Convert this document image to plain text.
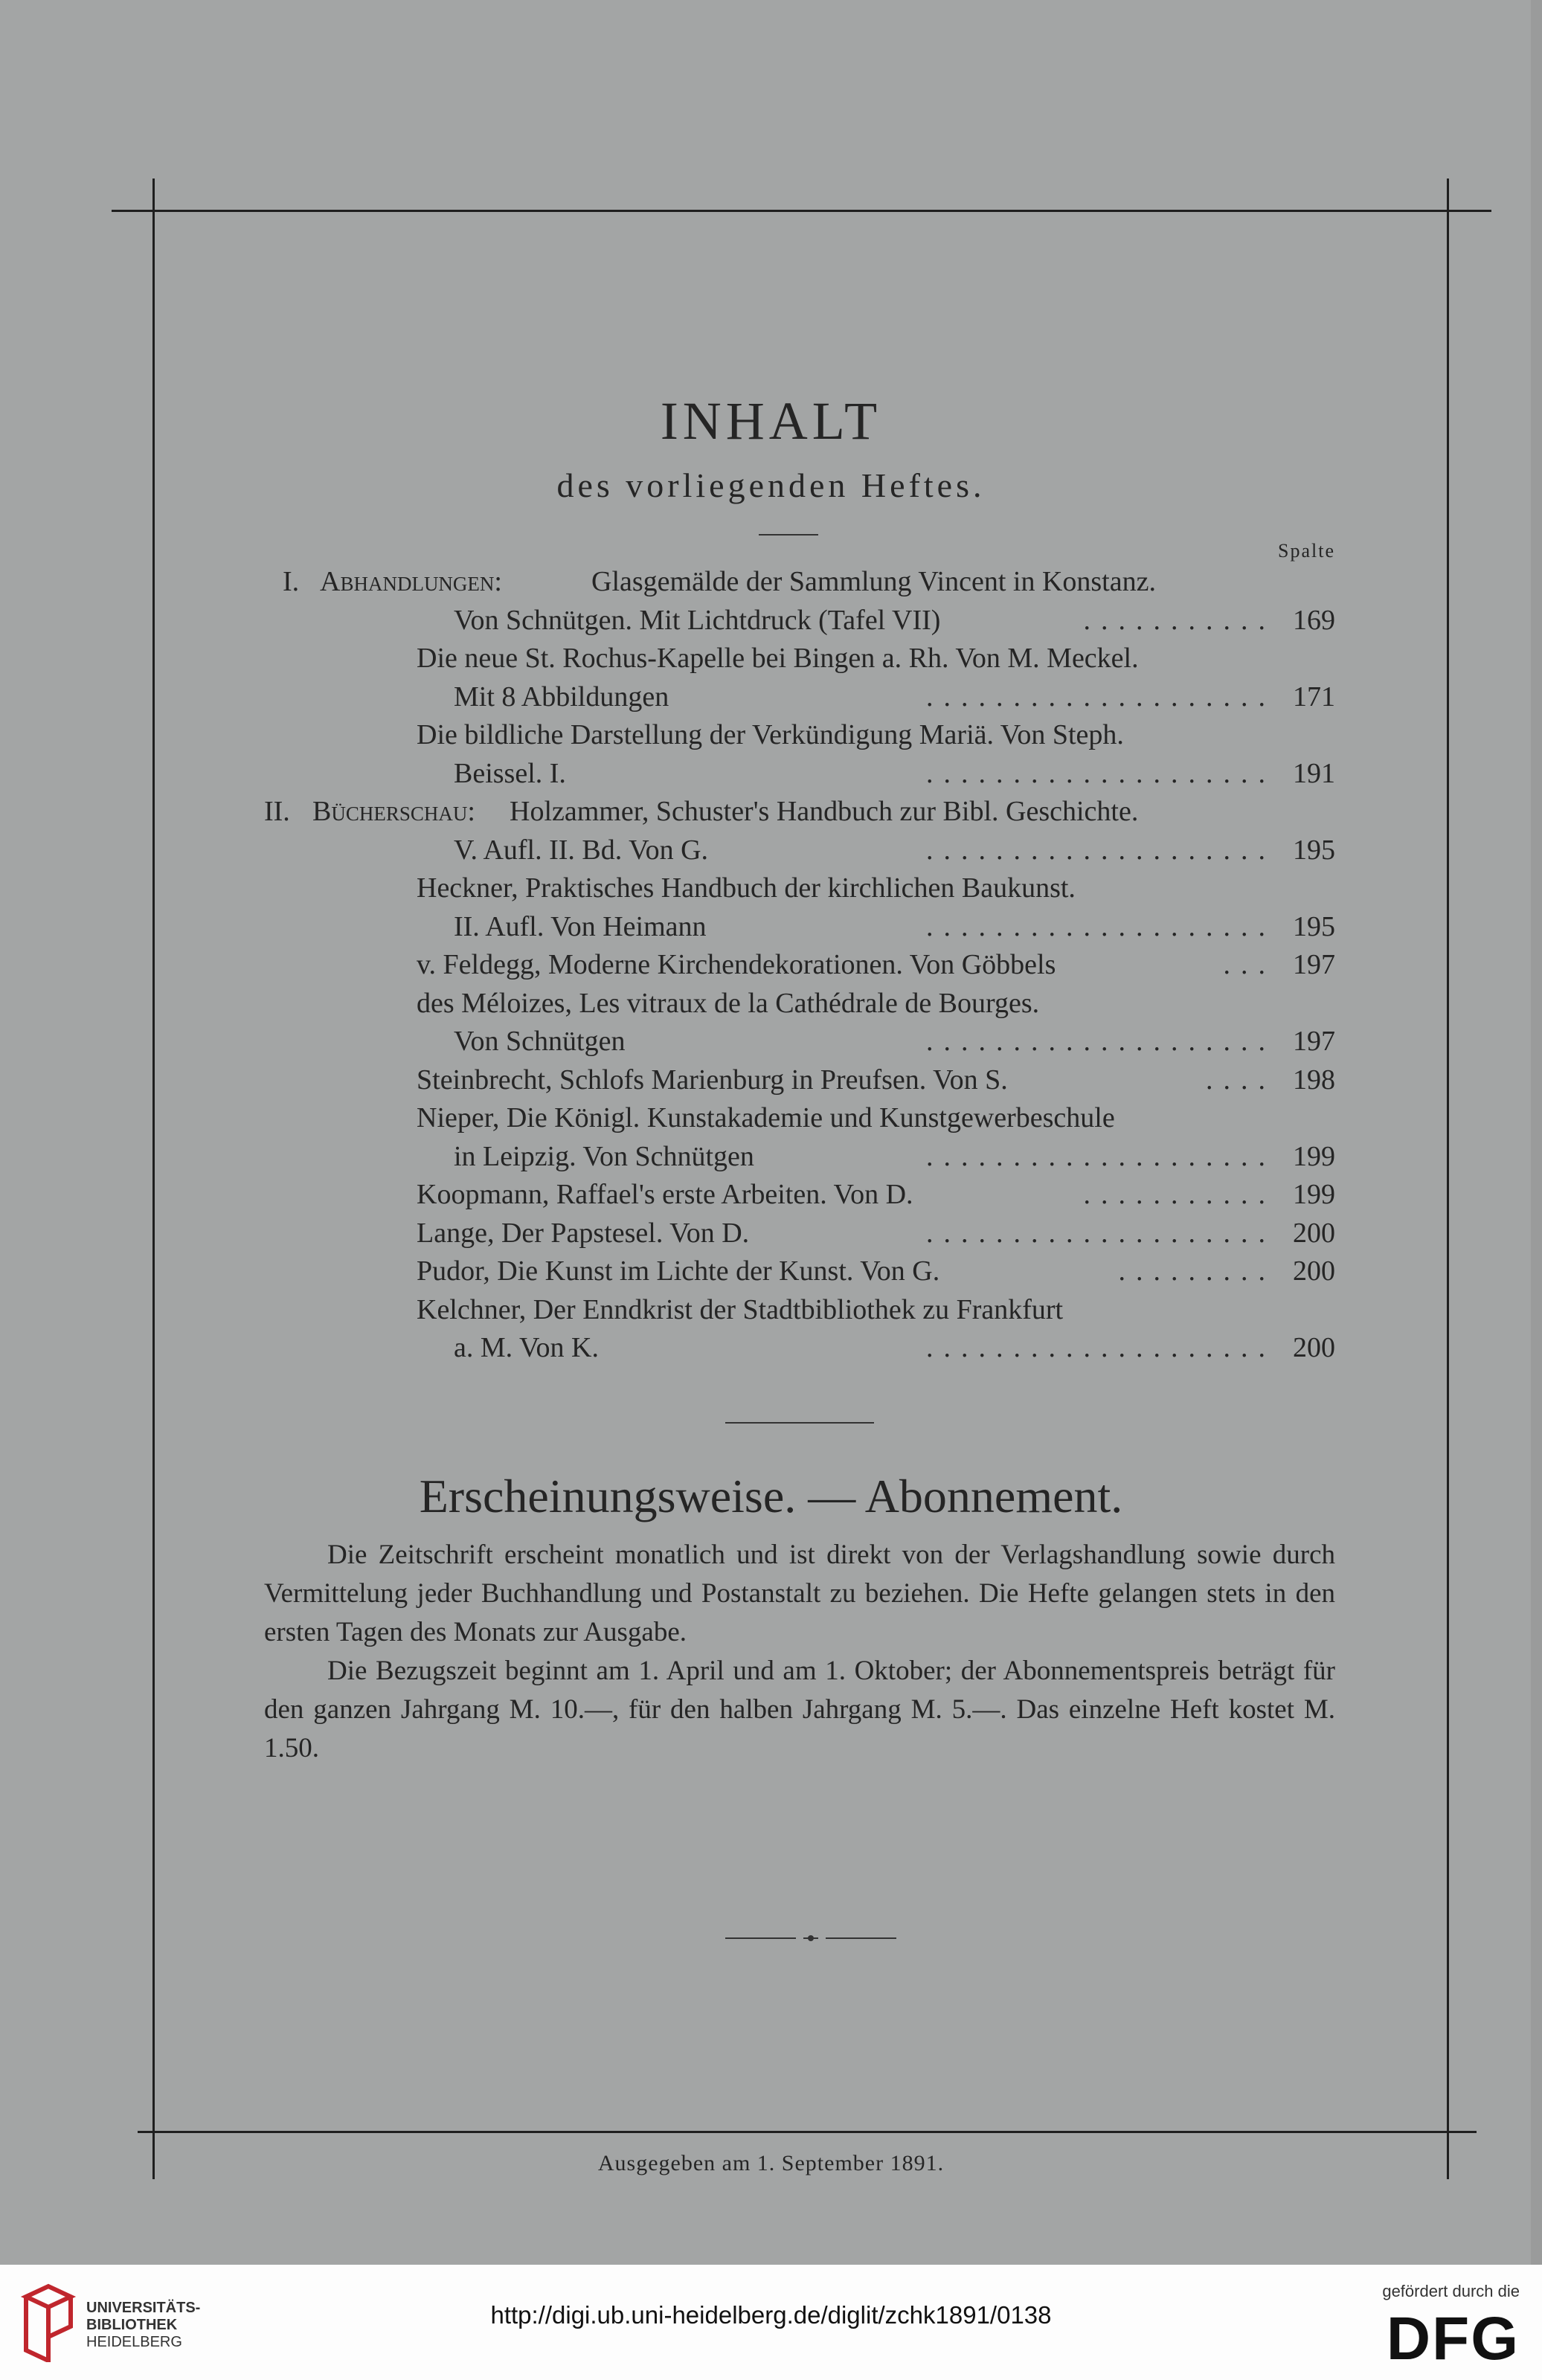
INHALT
des vorliegenden Heftes.
Spalte
I. Abhandlungen:	Glasgemälde der Sammlung Vincent in Konstanz.
Von Schnütgen. Mit Lichtdruck (Tafel VII)	........... 169
Die neue St. Rochus-Kapelle bei Bingen a. Rh. Von M. Meckel.
Mit 8 Abbildungen	.................... 171
Die bildliche Darstellung der Verkündigung Mariä. Von Steph.
Beissel. I.	.................... 191
II. Bücherschau: Holzammer, Schuster's Handbuch zur Bibl. Geschichte.
V. Aufl. II. Bd. Von G.	.................... 195
Heckner, Praktisches Handbuch der kirchlichen Baukunst.
II. Aufl. Von Heimann	.................... 195
v. Feldegg, Moderne Kirchendekorationen. Von Göbbels	... 197
des Méloizes, Les vitraux de la Cathédrale de Bourges.
Von Schnütgen	.................... 197
Steinbrecht, Schlofs Marienburg in Preufsen. Von S.	.... 198
Nieper, Die Königl. Kunstakademie und Kunstgewerbeschule
in Leipzig. Von Schnütgen	.................... 199
Koopmann, Raffael's erste Arbeiten. Von D.	........... 199
Lange, Der Papstesel. Von D.	.................... 200
Pudor, Die Kunst im Lichte der Kunst. Von G.	......... 200
Kelchner, Der Enndkrist der Stadtbibliothek zu Frankfurt
a. M. Von K.	.................... 200
Erscheinungsweise. — Abonnement.

Die Zeitschrift erscheint monatlich und ist direkt von der Verlagshandlung sowie durch Vermittelung jeder Buchhandlung und Postanstalt zu beziehen. Die Hefte gelangen stets in den ersten Tagen des Monats zur Ausgabe.

Die Bezugszeit beginnt am 1. April und am 1. Oktober; der Abonnementspreis beträgt für den ganzen Jahrgang M. 10.—, für den halben Jahrgang M. 5.—. Das einzelne Heft kostet M. 1.50.

Ausgegeben am 1. September 1891.
UNIVERSITÄTS-
BIBLIOTHEK
HEIDELBERG
http://digi.ub.uni-heidelberg.de/diglit/zchk1891/0138
gefördert durch die
DFG
